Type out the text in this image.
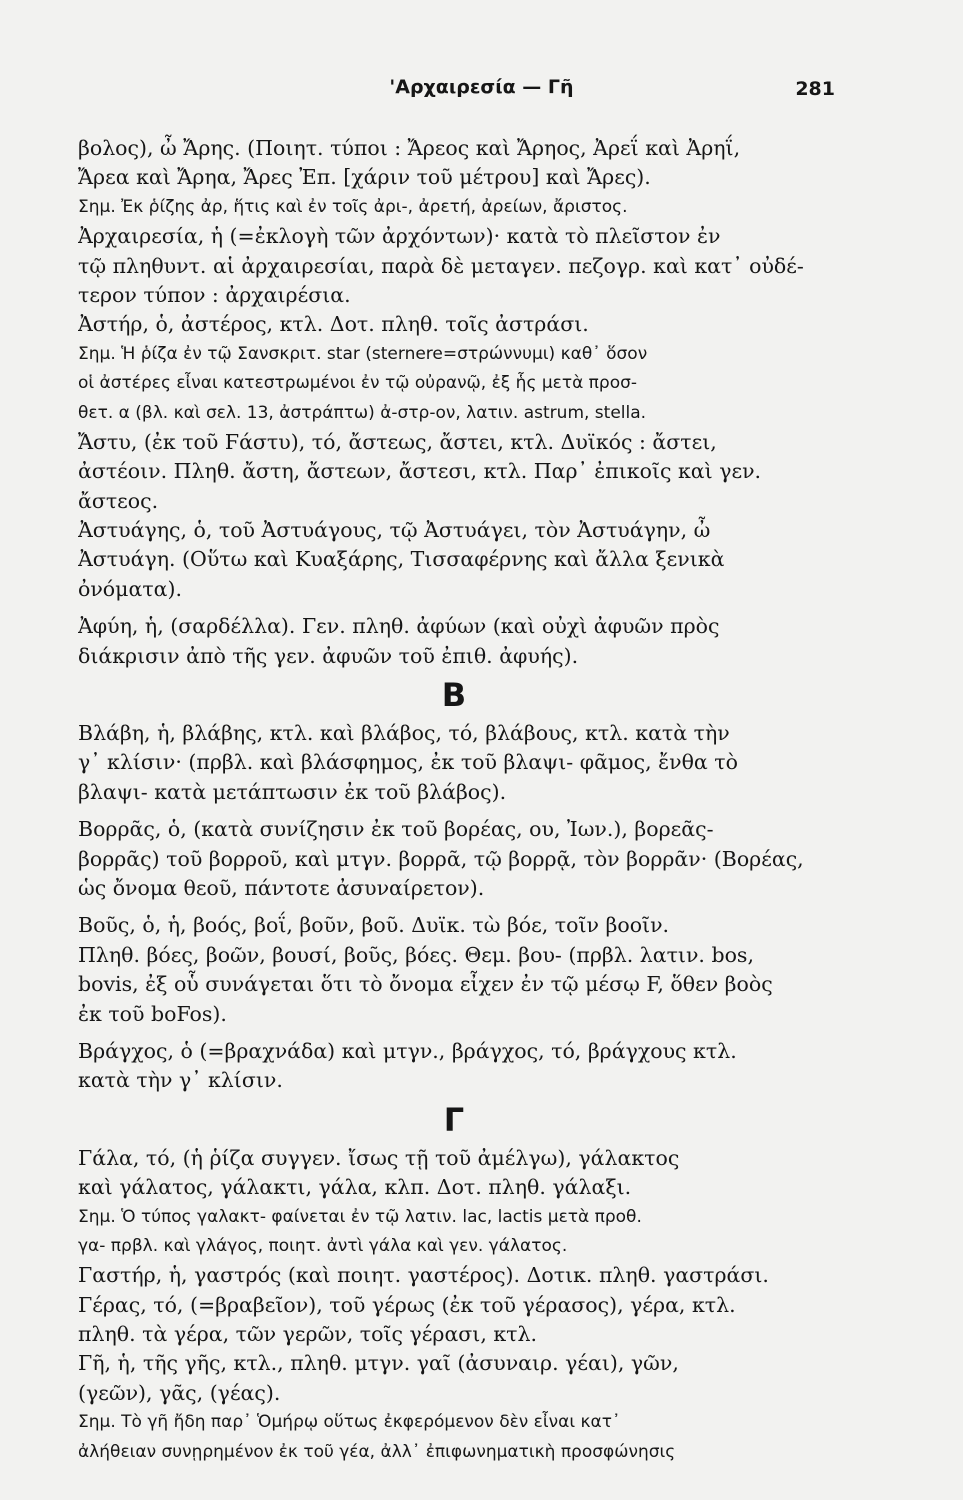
'Αρχαιρεσία — Γῆ	281
βολος), ὦ Ἄρης. (Ποιητ. τύποι : Ἄρεος καὶ Ἄρηος, Ἀρεΐ καὶ Ἀρηΐ,
Ἄρεα καὶ Ἄρηα, Ἄρες Ἐπ. [χάριν τοῦ μέτρου] καὶ Ἄρες).
Σημ. Ἐκ ῥίζης ἀρ, ἥτις καὶ ἐν τοῖς ἀρι-, ἀρετή, ἀρείων, ἄριστος.
Ἀρχαιρεσία, ἡ (=ἐκλογὴ τῶν ἀρχόντων)· κατὰ τὸ πλεῖστον ἐν
τῷ πληθυντ. αἱ ἀρχαιρεσίαι, παρὰ δὲ μεταγεν. πεζογρ. καὶ κατ᾿ οὐδέ-
τερον τύπον : ἀρχαιρέσια.
Ἀστήρ, ὁ, ἀστέρος, κτλ. Δοτ. πληθ. τοῖς ἀστράσι.
Σημ. Ἡ ῥίζα ἐν τῷ Σανσκριτ. star (sternere=στρώννυμι) καθ᾿ ὅσον
οἱ ἀστέρες εἶναι κατεστρωμένοι ἐν τῷ οὐρανῷ, ἐξ ἧς μετὰ προσ-
θετ. α (βλ. καὶ σελ. 13, ἀστράπτω) ἀ-στρ-ον, λατιν. astrum, stella.
Ἄστυ, (ἐκ τοῦ Ϝάστυ), τό, ἄστεως, ἄστει, κτλ. Δυϊκός : ἄστει,
ἀστέοιν. Πληθ. ἄστη, ἄστεων, ἄστεσι, κτλ. Παρ᾿ ἐπικοῖς καὶ γεν.
ἄστεος.
Ἀστυάγης, ὁ, τοῦ Ἀστυάγους, τῷ Ἀστυάγει, τὸν Ἀστυάγην, ὦ
Ἀστυάγη. (Οὕτω καὶ Κυαξάρης, Τισσαφέρνης καὶ ἄλλα ξενικὰ
ὀνόματα).
Ἀφύη, ἡ, (σαρδέλλα). Γεν. πληθ. ἀφύων (καὶ οὐχὶ ἀφυῶν πρὸς
διάκρισιν ἀπὸ τῆς γεν. ἀφυῶν τοῦ ἐπιθ. ἀφυής).
Β
Βλάβη, ἡ, βλάβης, κτλ. καὶ βλάβος, τό, βλάβους, κτλ. κατὰ τὴν
γ᾿ κλίσιν· (πρβλ. καὶ βλάσφημος, ἐκ τοῦ βλαψι- φᾶμος, ἔνθα τὸ
βλαψι- κατὰ μετάπτωσιν ἐκ τοῦ βλάβος).
Βορρᾶς, ὁ, (κατὰ συνίζησιν ἐκ τοῦ βορέας, ου, Ἰων.), βορεᾶς-
βορρᾶς) τοῦ βορροῦ, καὶ μτγν. βορρᾶ, τῷ βορρᾷ, τὸν βορρᾶν· (Βορέας,
ὡς ὄνομα θεοῦ, πάντοτε ἀσυναίρετον).
Βοῦς, ὁ, ἡ, βοός, βοΐ, βοῦν, βοῦ. Δυϊκ. τὼ βόε, τοῖν βοοῖν.
Πληθ. βόες, βοῶν, βουσί, βοῦς, βόες. Θεμ. βου- (πρβλ. λατιν. bos,
bovis, ἐξ οὗ συνάγεται ὅτι τὸ ὄνομα εἶχεν ἐν τῷ μέσῳ F, ὅθεν βοὸς
ἐκ τοῦ boFos).
Βράγχος, ὁ (=βραχνάδα) καὶ μτγν., βράγχος, τό, βράγχους κτλ.
κατὰ τὴν γ᾿ κλίσιν.
Γ
Γάλα, τό, (ἡ ῥίζα συγγεν. ἴσως τῇ τοῦ ἀμέλγω), γάλακτος
καὶ γάλατος, γάλακτι, γάλα, κλπ. Δοτ. πληθ. γάλαξι.
Σημ. Ὁ τύπος γαλακτ- φαίνεται ἐν τῷ λατιν. lac, lactis μετὰ προθ.
γα- πρβλ. καὶ γλάγος, ποιητ. ἀντὶ γάλα καὶ γεν. γάλατος.
Γαστήρ, ἡ, γαστρός (καὶ ποιητ. γαστέρος). Δοτικ. πληθ. γαστράσι.
Γέρας, τό, (=βραβεῖον), τοῦ γέρως (ἐκ τοῦ γέρασος), γέρα, κτλ.
πληθ. τὰ γέρα, τῶν γερῶν, τοῖς γέρασι, κτλ.
Γῆ, ἡ, τῆς γῆς, κτλ., πληθ. μτγν. γαῖ (ἀσυναιρ. γέαι), γῶν,
(γεῶν), γᾶς, (γέας).
Σημ. Τὸ γῆ ἤδη παρ᾿ Ὁμήρῳ οὕτως ἐκφερόμενον δὲν εἶναι κατ᾿
ἀλήθειαν συνῃρημένον ἐκ τοῦ γέα, ἀλλ᾿ ἐπιφωνηματικὴ προσφώνησις
